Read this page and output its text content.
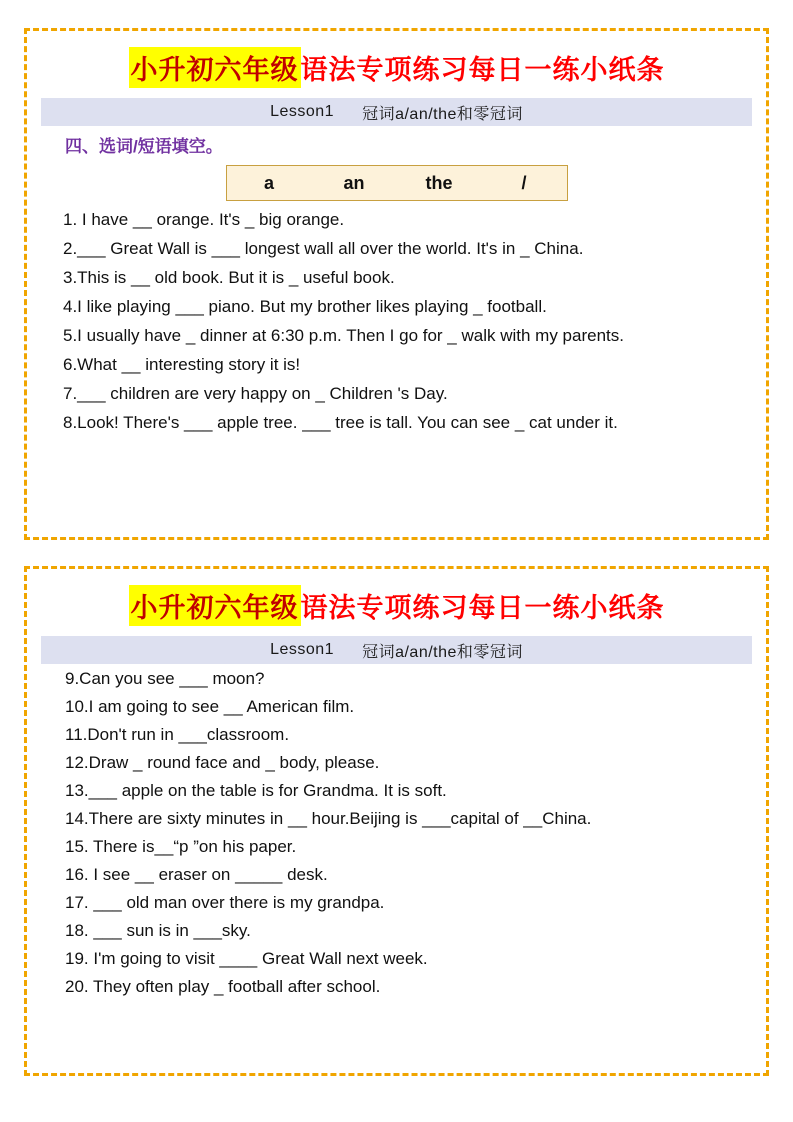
小升初六年级 语法专项练习每日一练小纸条
Lesson1 冠词a/an/the和零冠词
四、选词/短语填空。
a	an	the	/
1. I have __ orange. It's _ big orange.
2.___ Great Wall is ___ longest wall all over the world. It's in _ China.
3.This is __ old book. But it is _ useful book.
4.I like playing ___ piano. But my brother likes playing _ football.
5.I usually have _ dinner at 6:30 p.m. Then I go for _ walk with my parents.
6.What __ interesting story it is!
7.___ children are very happy on _ Children 's Day.
8.Look! There's ___ apple tree. ___ tree is tall. You can see _ cat under it.
小升初六年级 语法专项练习每日一练小纸条
Lesson1 冠词a/an/the和零冠词
9.Can you see ___ moon?
10.I am going to see __ American film.
11.Don't run in ___classroom.
12.Draw _ round face and _ body, please.
13.___ apple on the table is for Grandma. It is soft.
14.There are sixty minutes in __ hour.Beijing is ___capital of __China.
15. There is__“p ”on his paper.
16. I see __ eraser on _____ desk.
17. ___ old man over there is my grandpa.
18. ___ sun is in ___sky.
19. I'm going to visit ____ Great Wall next week.
20. They often play _ football after school.
